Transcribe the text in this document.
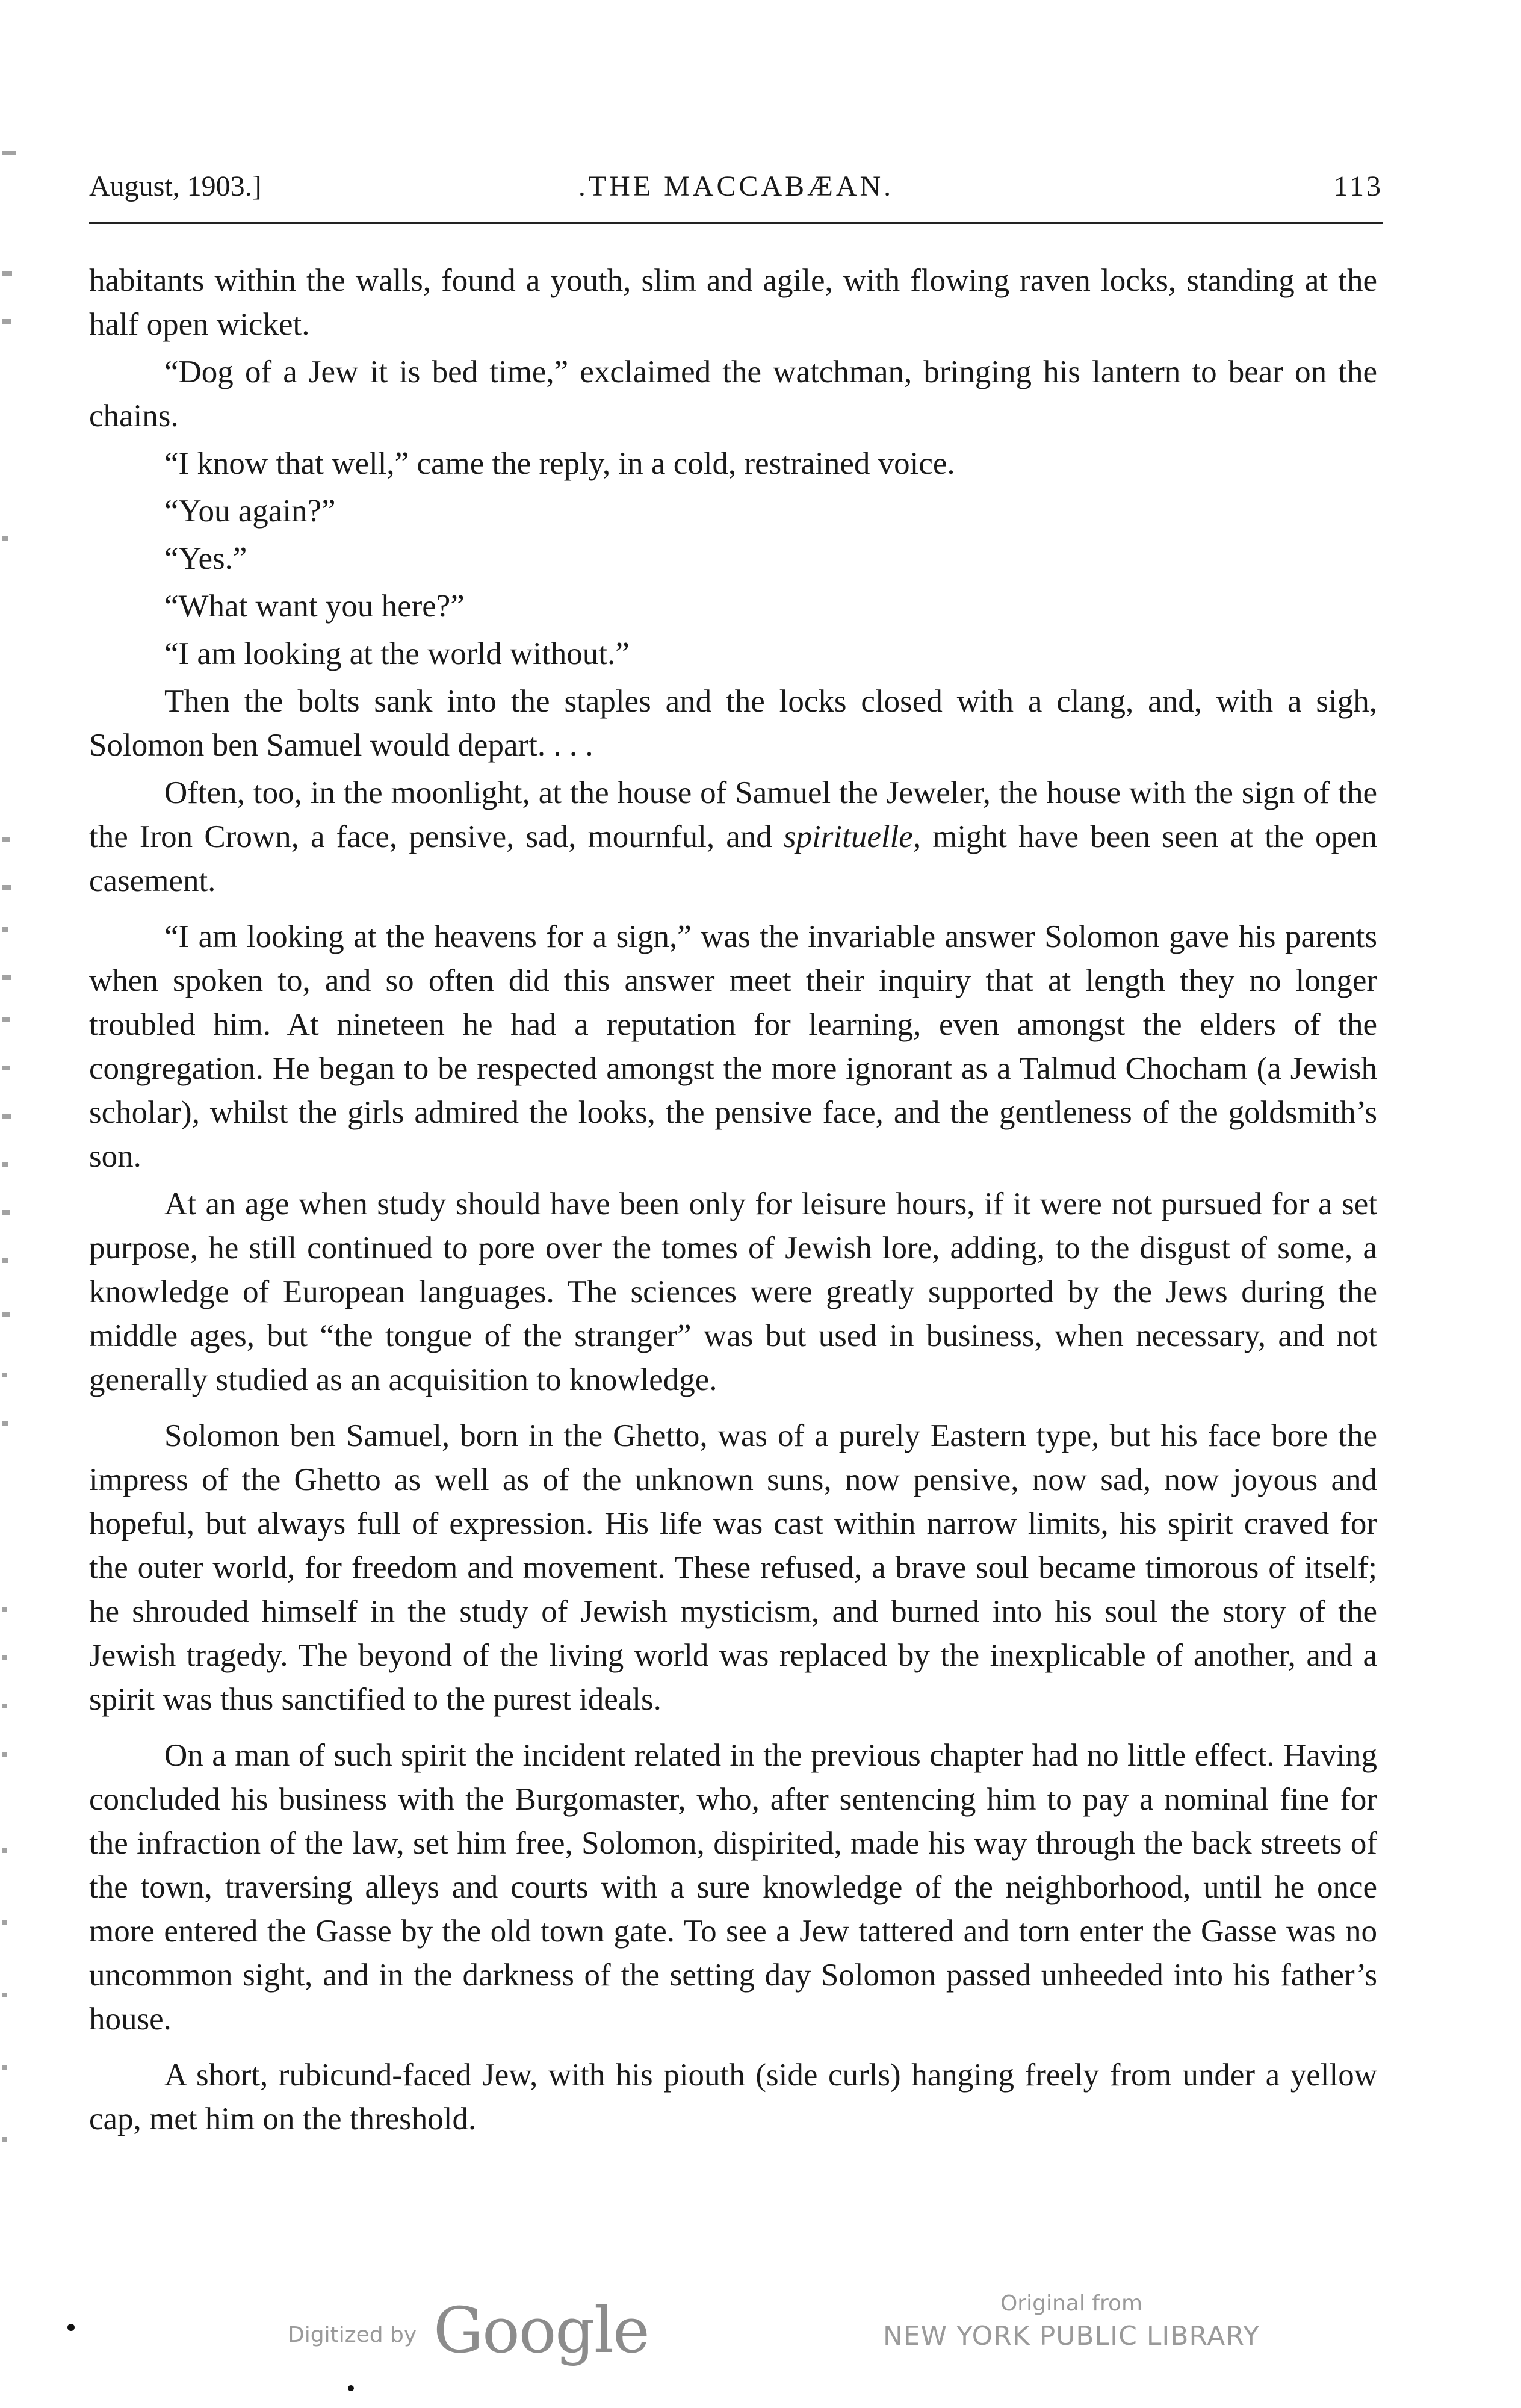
August, 1903.]	.THE MACCABÆAN.	113

habitants within the walls, found a youth, slim and agile, with flowing raven locks, standing at the half open wicket.

“Dog of a Jew it is bed time,” exclaimed the watchman, bringing his lantern to bear on the chains.

“I know that well,” came the reply, in a cold, restrained voice.

“You again?”

“Yes.”

“What want you here?”

“I am looking at the world without.”

Then the bolts sank into the staples and the locks closed with a clang, and, with a sigh, Solomon ben Samuel would depart. . . .

Often, too, in the moonlight, at the house of Samuel the Jeweler, the house with the sign of the the Iron Crown, a face, pensive, sad, mournful, and spirituelle, might have been seen at the open casement.

“I am looking at the heavens for a sign,” was the invariable answer Solomon gave his parents when spoken to, and so often did this answer meet their inquiry that at length they no longer troubled him. At nineteen he had a reputation for learning, even amongst the elders of the congregation. He began to be respected amongst the more ignorant as a Talmud Chocham (a Jewish scholar), whilst the girls admired the looks, the pensive face, and the gentleness of the goldsmith’s son.

At an age when study should have been only for leisure hours, if it were not pursued for a set purpose, he still continued to pore over the tomes of Jewish lore, adding, to the disgust of some, a knowledge of European languages. The sciences were greatly supported by the Jews during the middle ages, but “the tongue of the stranger” was but used in business, when necessary, and not generally studied as an acquisition to knowledge.

Solomon ben Samuel, born in the Ghetto, was of a purely Eastern type, but his face bore the impress of the Ghetto as well as of the unknown suns, now pensive, now sad, now joyous and hopeful, but always full of expression. His life was cast within narrow limits, his spirit craved for the outer world, for freedom and movement. These refused, a brave soul became timorous of itself; he shrouded himself in the study of Jewish mysticism, and burned into his soul the story of the Jewish tragedy. The beyond of the living world was replaced by the inexplicable of another, and a spirit was thus sanctified to the purest ideals.

On a man of such spirit the incident related in the previous chapter had no little effect. Having concluded his business with the Burgomaster, who, after sentencing him to pay a nominal fine for the infraction of the law, set him free, Solomon, dispirited, made his way through the back streets of the town, traversing alleys and courts with a sure knowledge of the neighborhood, until he once more entered the Gasse by the old town gate. To see a Jew tattered and torn enter the Gasse was no uncommon sight, and in the darkness of the setting day Solomon passed unheeded into his father’s house.

A short, rubicund-faced Jew, with his piouth (side curls) hanging freely from under a yellow cap, met him on the threshold.

Digitized by Google	Original from
NEW YORK PUBLIC LIBRARY
